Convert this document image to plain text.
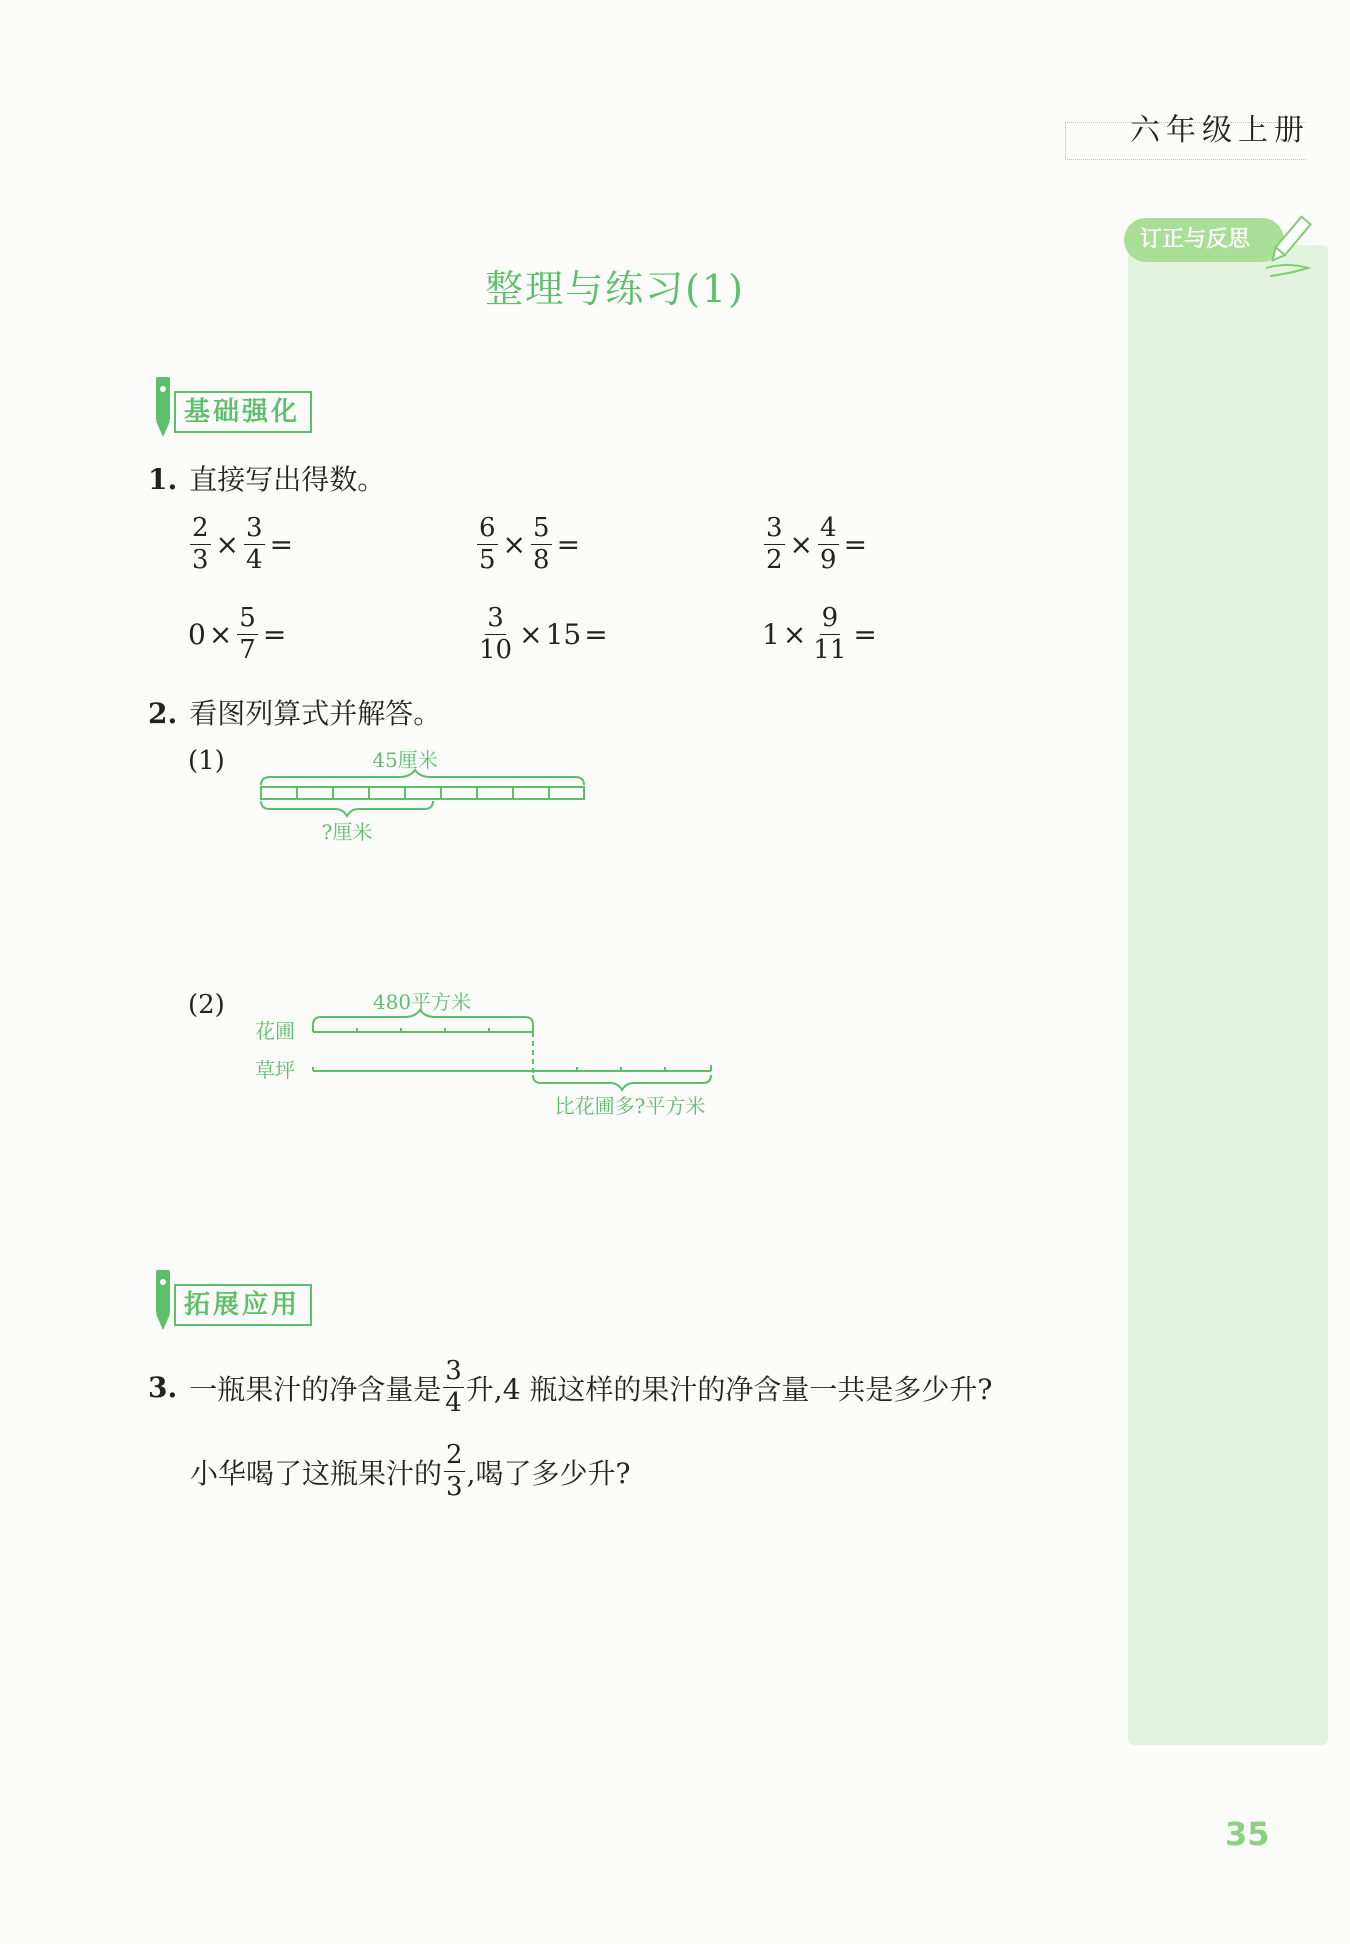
六年级上册
订正与反思
整理与练习(1)
基础强化
1. 直接写出得数。
$\frac{2}{3} \times \frac{3}{4}$ =	$\frac{6}{5} \times \frac{5}{8}$ =	$\frac{3}{2} \times \frac{4}{9}$ =
$0 \times \frac{5}{7}$ =	$\frac{3}{10} \times 15$ =	$1 \times \frac{9}{11}$ =
2. 看图列算式并解答。
(1)	45厘米
?厘米
(2)	480平方米
花圃
草坪
比花圃多?平方米
拓展应用
3. 一瓶果汁的净含量是 $\frac{3}{4}$ 升,4 瓶这样的果汁的净含量一共是多少升?
小华喝了这瓶果汁的 $\frac{2}{3}$ ,喝了多少升?
35
